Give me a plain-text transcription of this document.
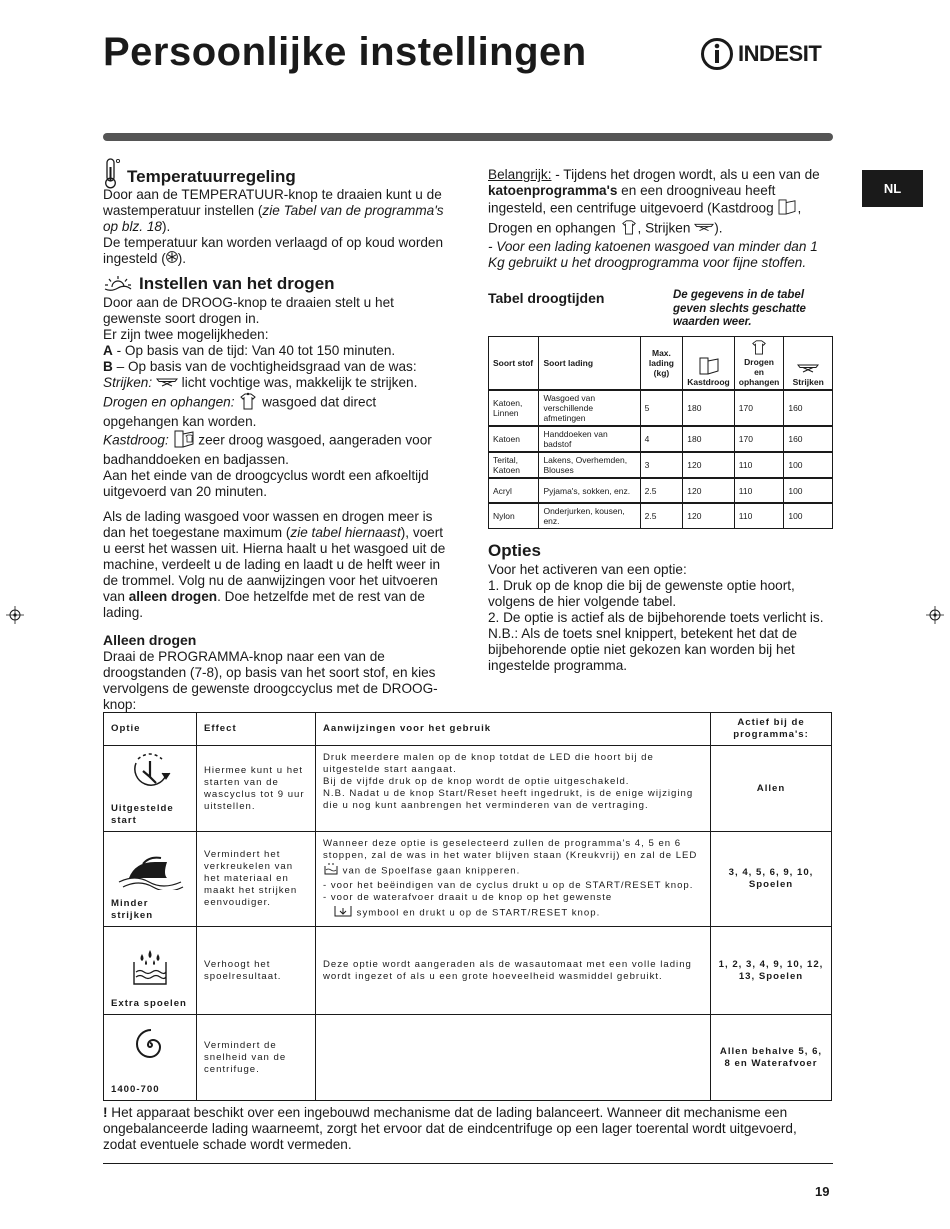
Persoonlijke instellingen	INDESIT
NL
Temperatuurregeling

Door aan de TEMPERATUUR-knop te draaien kunt u de wastemperatuur instellen (zie Tabel van de programma's op blz. 18).

De temperatuur kan worden verlaagd of op koud worden ingesteld ( ).

Instellen van het drogen

Door aan de DROOG-knop te draaien stelt u het gewenste soort drogen in.

Er zijn twee mogelijkheden:

A - Op basis van de tijd: Van 40 tot 150 minuten.

B – Op basis van de vochtigheidsgraad van de was:

Strijken:  licht vochtige was, makkelijk te strijken.

Drogen en ophangen:  wasgoed dat direct opgehangen kan worden.

Kastdroog:  zeer droog wasgoed, aangeraden voor badhanddoeken en badjassen.

Aan het einde van de droogcyclus wordt een afkoeltijd uitgevoerd van 20 minuten.

Als de lading wasgoed voor wassen en drogen meer is dan het toegestane maximum (zie tabel hiernaast), voert u eerst het wassen uit. Hierna haalt u het wasgoed uit de machine, verdeelt u de lading en laadt u de helft weer in de trommel. Volg nu de aanwijzingen voor het uitvoeren van alleen drogen. Doe hetzelfde met de rest van de lading.

Alleen drogen

Draai de PROGRAMMA-knop naar een van de droogstanden (7-8), op basis van het soort stof, en kies vervolgens de gewenste droogccyclus met de DROOG-knop:

Belangrijk: - Tijdens het drogen wordt, als u een van de katoenprogramma's en een droogniveau heeft ingesteld, een centrifuge uitgevoerd (Kastdroog , Drogen en ophangen , Strijken ).

- Voor een lading katoenen wasgoed van minder dan 1 Kg gebruikt u het droogprogramma voor fijne stoffen.

Tabel droogtijden	De gegevens in de tabel geven slechts geschatte waarden weer.
Soort stof	Soort lading	Max. lading (kg)	Kastdroog	Drogen en ophangen	Strijken
Katoen, Linnen	Wasgoed van verschillende afmetingen	5	180	170	160
Katoen	Handdoeken van badstof	4	180	170	160
Terital, Katoen	Lakens, Overhemden, Blouses	3	120	110	100
Acryl	Pyjama's, sokken, enz.	2.5	120	110	100
Nylon	Onderjurken, kousen, enz.	2.5	120	110	100
Opties

Voor het activeren van een optie:

1. Druk op de knop die bij de gewenste optie hoort, volgens de hier volgende tabel.

2. De optie is actief als de bijbehorende toets verlicht is.

N.B.: Als de toets snel knippert, betekent het dat de bijbehorende optie niet gekozen kan worden bij het ingestelde programma.

Optie	Effect	Aanwijzingen voor het gebruik	Actief bij de programma's:

Uitgestelde start	Hiermee kunt u het starten van de wascyclus tot 9 uur uitstellen.	Druk meerdere malen op de knop totdat de LED die hoort bij de uitgestelde start aangaat.
Bij de vijfde druk op de knop wordt de optie uitgeschakeld.
N.B. Nadat u de knop Start/Reset heeft ingedrukt, is de enige wijziging die u nog kunt aanbrengen het verminderen van de vertraging.	Allen

Minder strijken	Vermindert het verkreukelen van het materiaal en maakt het strijken eenvoudiger.	Wanneer deze optie is geselecteerd zullen de programma's 4, 5 en 6 stoppen, zal de was in het water blijven staan (Kreukvrij) en zal de LED  van de Spoelfase gaan knipperen.
- voor het beëindigen van de cyclus drukt u op de START/RESET knop.
- voor de waterafvoer draait u de knop op het gewenste
symbool en drukt u op de START/RESET knop.	3, 4, 5, 6, 9, 10, Spoelen

Extra spoelen	Verhoogt het spoelresultaat.	Deze optie wordt aangeraden als de wasautomaat met een volle lading wordt ingezet of als u een grote hoeveelheid wasmiddel gebruikt.	1, 2, 3, 4, 9, 10, 12, 13, Spoelen

1400-700	Vermindert de snelheid van de centrifuge.		Allen behalve 5, 6, 8 en Waterafvoer

! Het apparaat beschikt over een ingebouwd mechanisme dat de lading balanceert. Wanneer dit mechanisme een ongebalanceerde lading waarneemt, zorgt het ervoor dat de eindcentrifuge op een lager toerental wordt uitgevoerd, zodat eventuele schade wordt vermeden.

19
